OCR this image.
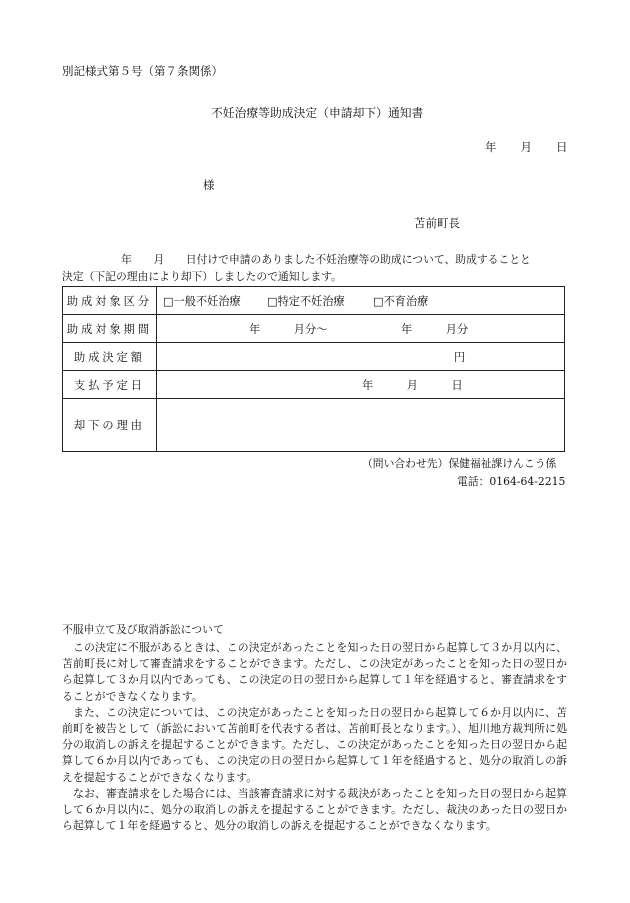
別記様式第５号（第７条関係）
不妊治療等助成決定（申請却下）通知書
年 月 日
様
苫前町長
年　　月　　日付けで申請のありました不妊治療等の助成について、助成することと
決定（下記の理由により却下）しましたので通知します。
助成対象区分	□一般不妊治療 □特定不妊治療 □不育治療

助成対象期間	年　　　月分～ 年　　　月分

助成決定額	円

支払予定日	年　　　月　　　日

却下の理由	
（問い合わせ先）保健福祉課けんこう係
電話：0164-64-2215
不服申立て及び取消訴訟について

この決定に不服があるときは、この決定があったことを知った日の翌日から起算して３か月以内に、苫前町長に対して審査請求をすることができます。ただし、この決定があったことを知った日の翌日から起算して３か月以内であっても、この決定の日の翌日から起算して１年を経過すると、審査請求をすることができなくなります。

また、この決定については、この決定があったことを知った日の翌日から起算して６か月以内に、苫前町を被告として（訴訟において苫前町を代表する者は、苫前町長となります。）、旭川地方裁判所に処分の取消しの訴えを提起することができます。ただし、この決定があったことを知った日の翌日から起算して６か月以内であっても、この決定の日の翌日から起算して１年を経過すると、処分の取消しの訴えを提起することができなくなります。

なお、審査請求をした場合には、当該審査請求に対する裁決があったことを知った日の翌日から起算して６か月以内に、処分の取消しの訴えを提起することができます。ただし、裁決のあった日の翌日から起算して１年を経過すると、処分の取消しの訴えを提起することができなくなります。
